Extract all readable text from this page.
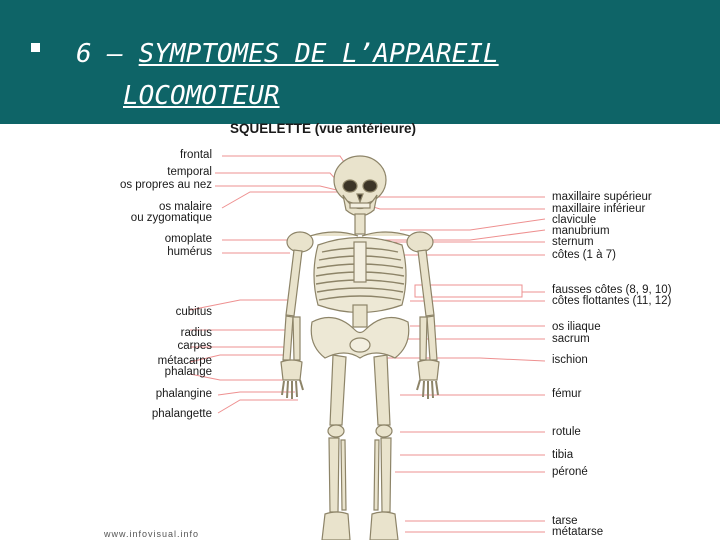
6 – SYMPTOMES DE L’APPAREIL
LOCOMOTEUR
SQUELETTE (vue antérieure)
frontal
temporal
os propres au nez
os malaire
ou zygomatique
omoplate
humérus
cubitus
radius
carpes
métacarpe
phalange
phalangine
phalangette
maxillaire supérieur
maxillaire inférieur
clavicule
manubrium
sternum
côtes (1 à 7)
fausses côtes (8, 9, 10)
côtes flottantes (11, 12)
os iliaque
sacrum
ischion
fémur
rotule
tibia
péroné
tarse
métatarse
www.infovisual.info
